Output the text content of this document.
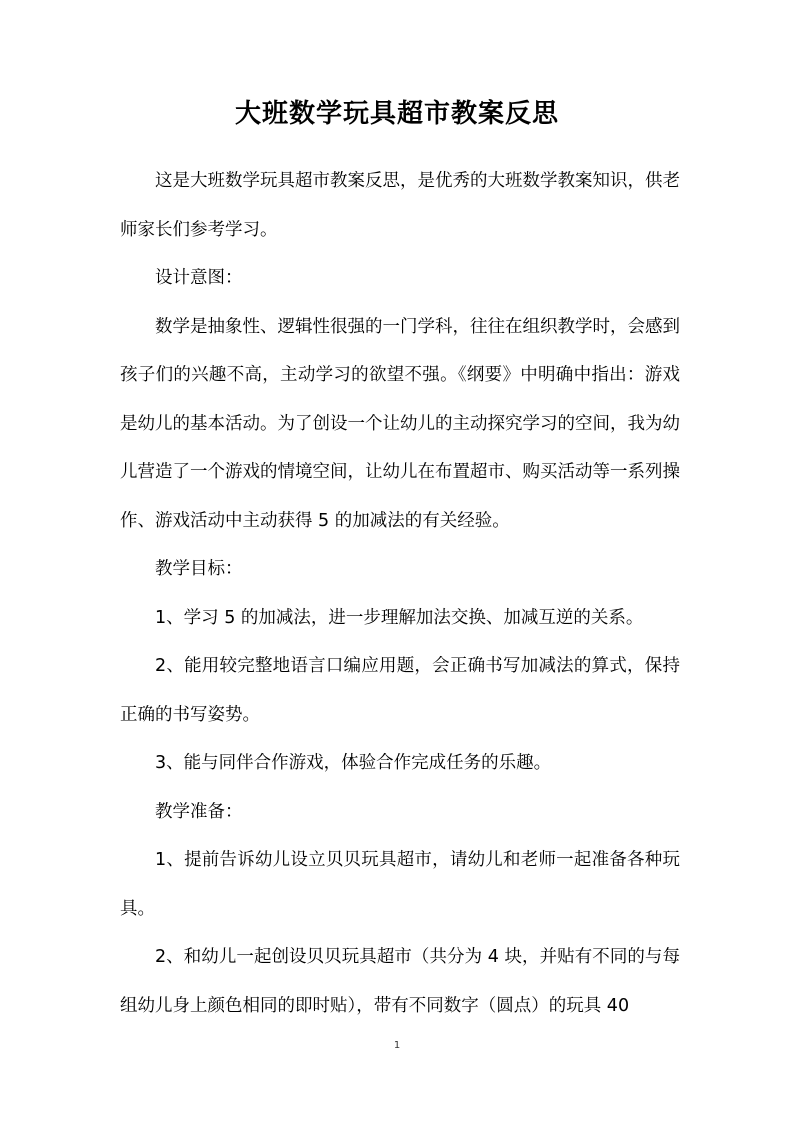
大班数学玩具超市教案反思

这是大班数学玩具超市教案反思，是优秀的大班数学教案知识，供老师家长们参考学习。

设计意图：

数学是抽象性、逻辑性很强的一门学科，往往在组织教学时，会感到孩子们的兴趣不高，主动学习的欲望不强。《纲要》中明确中指出：游戏是幼儿的基本活动。为了创设一个让幼儿的主动探究学习的空间，我为幼儿营造了一个游戏的情境空间，让幼儿在布置超市、购买活动等一系列操作、游戏活动中主动获得 5 的加减法的有关经验。

教学目标：

1、学习 5 的加减法，进一步理解加法交换、加减互逆的关系。

2、能用较完整地语言口编应用题，会正确书写加减法的算式，保持正确的书写姿势。

3、能与同伴合作游戏，体验合作完成任务的乐趣。

教学准备：

1、提前告诉幼儿设立贝贝玩具超市，请幼儿和老师一起准备各种玩具。

2、和幼儿一起创设贝贝玩具超市（共分为 4 块，并贴有不同的与每组幼儿身上颜色相同的即时贴），带有不同数字（圆点）的玩具 40

1
